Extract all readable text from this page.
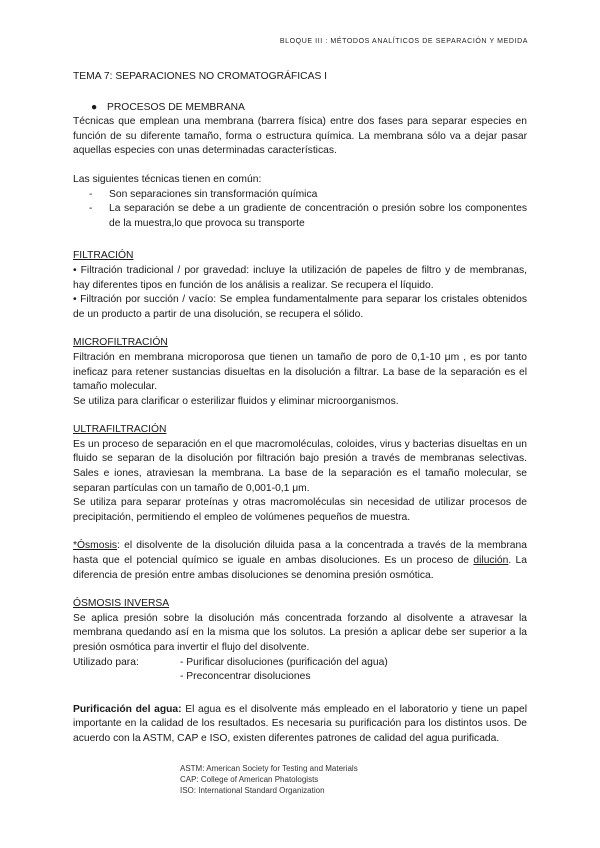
BLOQUE III : MÉTODOS ANALÍTICOS DE SEPARACIÓN Y MEDIDA

TEMA 7: SEPARACIONES NO CROMATOGRÁFICAS I

● PROCESOS DE MEMBRANA

Técnicas que emplean una membrana (barrera física) entre dos fases para separar especies en función de su diferente tamaño, forma o estructura química. La membrana sólo va a dejar pasar aquellas especies con unas determinadas características.

Las siguientes técnicas tienen en común:

-	Son separaciones sin transformación química
-	La separación se debe a un gradiente de concentración o presión sobre los componentes de la muestra,lo que provoca su transporte
FILTRACIÓN

• Filtración tradicional / por gravedad: incluye la utilización de papeles de filtro y de membranas, hay diferentes tipos en función de los análisis a realizar. Se recupera el líquido.

• Filtración por succión / vacío: Se emplea fundamentalmente para separar los cristales obtenidos de un producto a partir de una disolución, se recupera el sólido.

MICROFILTRACIÓN

Filtración en membrana microporosa que tienen un tamaño de poro de 0,1-10 μm , es por tanto ineficaz para retener sustancias disueltas en la disolución a filtrar. La base de la separación es el tamaño molecular.

Se utiliza para clarificar o esterilizar fluidos y eliminar microorganismos.

ULTRAFILTRACIÓN

Es un proceso de separación en el que macromoléculas, coloides, virus y bacterias disueltas en un fluido se separan de la disolución por filtración bajo presión a través de membranas selectivas. Sales e iones, atraviesan la membrana. La base de la separación es el tamaño molecular, se separan partículas con un tamaño de 0,001-0,1 μm.

Se utiliza para separar proteínas y otras macromoléculas sin necesidad de utilizar procesos de precipitación, permitiendo el empleo de volúmenes pequeños de muestra.

*Ósmosis: el disolvente de la disolución diluida pasa a la concentrada a través de la membrana hasta que el potencial químico se iguale en ambas disoluciones. Es un proceso de dilución. La diferencia de presión entre ambas disoluciones se denomina presión osmótica.

ÓSMOSIS INVERSA

Se aplica presión sobre la disolución más concentrada forzando al disolvente a atravesar la membrana quedando así en la misma que los solutos. La presión a aplicar debe ser superior a la presión osmótica para invertir el flujo del disolvente.

Utilizado para:	- Purificar disoluciones (purificación del agua)
- Preconcentrar disoluciones

Purificación del agua: El agua es el disolvente más empleado en el laboratorio y tiene un papel importante en la calidad de los resultados. Es necesaria su purificación para los distintos usos. De acuerdo con la ASTM, CAP e ISO, existen diferentes patrones de calidad del agua purificada.

ASTM: American Society for Testing and Materials
CAP: College of American Phatologists
ISO: International Standard Organization
